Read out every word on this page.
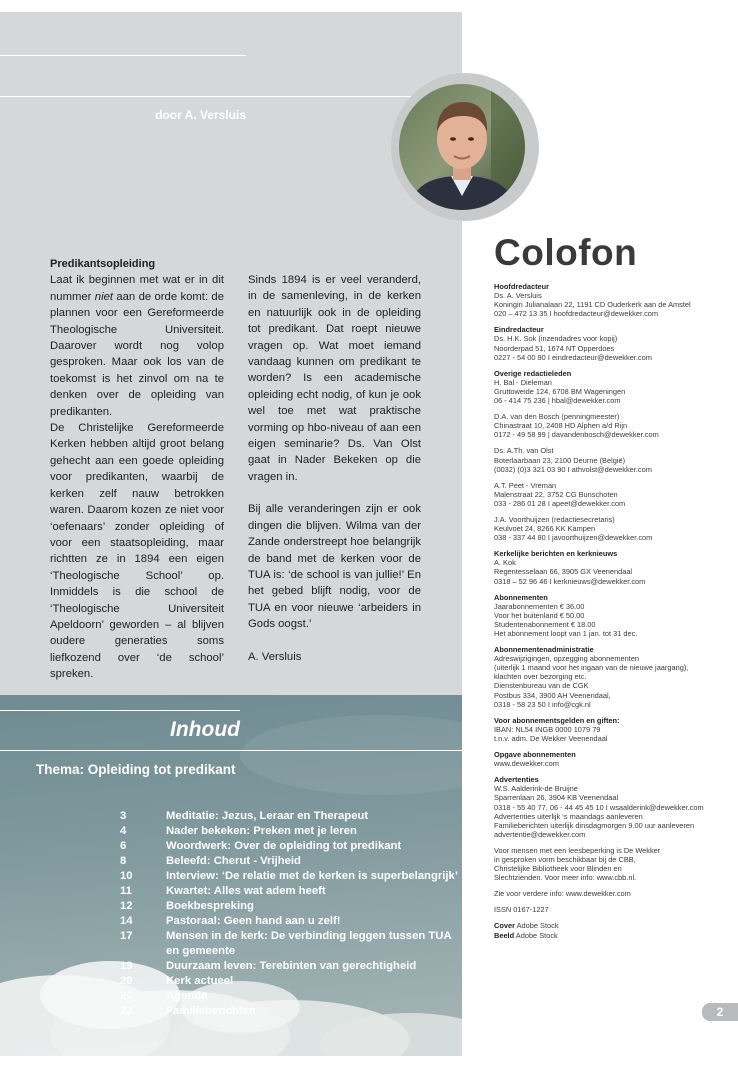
Aanzet
door A. Versluis
Predikantsopleiding

Laat ik beginnen met wat er in dit nummer niet aan de orde komt: de plannen voor een Gereformeerde Theologische Universiteit. Daarover wordt nog volop gesproken. Maar ook los van de toekomst is het zinvol om na te denken over de opleiding van predikanten.

De Christelijke Gereformeerde Kerken hebben altijd groot belang gehecht aan een goede opleiding voor predikanten, waarbij de kerken zelf nauw betrokken waren. Daarom kozen ze niet voor ‘oefenaars’ zonder opleiding of voor een staatsopleiding, maar richtten ze in 1894 een eigen ‘Theologische School’ op. Inmiddels is die school de ‘Theologische Universiteit Apeldoorn’ geworden – al blijven oudere generaties soms liefkozend over ‘de school’ spreken.

Sinds 1894 is er veel veranderd, in de samenleving, in de kerken en natuurlijk ook in de opleiding tot predikant. Dat roept nieuwe vragen op. Wat moet iemand vandaag kunnen om predikant te worden? Is een academische opleiding echt nodig, of kun je ook wel toe met wat praktische vorming op hbo-niveau of aan een eigen seminarie? Ds. Van Olst gaat in Nader Bekeken op die vragen in.

Bij alle veranderingen zijn er ook dingen die blijven. Wilma van der Zande onderstreept hoe belangrijk de band met de kerken voor de TUA is: ‘de school is van jullie!’ En het gebed blijft nodig, voor de TUA en voor nieuwe ‘arbeiders in Gods oogst.’

A. Versluis

Inhoud
Thema: Opleiding tot predikant
3	Meditatie: Jezus, Leraar en Therapeut
4	Nader bekeken: Preken met je leren
6	Woordwerk: Over de opleiding tot predikant
8	Beleefd: Cherut - Vrijheid
10	Interview: ‘De relatie met de kerken is superbelangrijk’
11	Kwartet: Alles wat adem heeft
12	Boekbespreking
14	Pastoraal: Geen hand aan u zelf!
17	Mensen in de kerk: De verbinding leggen tussen TUA en gemeente
19	Duurzaam leven: Terebinten van gerechtigheid
20	Kerk actueel
20	Agenda
22	Familieberichten
Colofon
Hoofdredacteur
Ds. A. Versluis
Koningin Julianalaan 22, 1191 CD Ouderkerk aan de Amstel
020 – 472 13 35 I hoofdredacteur@dewekker.com
Eindredacteur
Ds. H.K. Sok (inzendadres voor kopij)
Noorderpad 51, 1674 NT Opperdoes
0227 - 54 00 90 I eindredacteur@dewekker.com
Overige redactieleden
H. Bal - Dieleman
Gruttoweide 124, 6708 BM Wageningen
06 - 414 75 236 | hbal@dewekker.com
D.A. van den Bosch (penningmeester)
Chinastraat 10, 2408 HD Alphen a/d Rijn
0172 - 49 58 99 | davandenbosch@dewekker.com
Ds. A.Th. van Olst
Boterlaarbaan 23, 2100 Deurne (België)
(0032) (0)3 321 03 90 I athvolst@dewekker.com
A.T. Peet - Vreman
Malenstraat 22, 3752 CG Bunschoten
033 - 286 01 28 I apeet@dewekker.com
J.A. Voorthuijzen (redactiesecretaris)
Keulvoet 24, 8266 KK Kampen
038 - 337 44 80 I javoorthuijzen@dewekker.com
Kerkelijke berichten en kerknieuws
A. Kok
Regentesselaan 66, 3905 GX Veenendaal
0318 – 52 96 46 I kerknieuws@dewekker.com
Abonnementen
Jaarabonnementen € 36.00
Voor het buitenland € 50.00
Studentenabonnement € 18.00
Het abonnement loopt van 1 jan. tot 31 dec.
Abonnementenadministratie
Adreswijzigingen, opzegging abonnementen
(uiterlijk 1 maand voor het ingaan van de nieuwe jaargang),
klachten over bezorging etc.
Dienstenbureau van de CGK
Postbus 334, 3900 AH Veenendaal,
0318 - 58 23 50 I info@cgk.nl
Voor abonnementsgelden en giften:
IBAN: NL54 INGB 0000 1079 79
t.n.v. adm. De Wekker Veenendaal
Opgave abonnementen
www.dewekker.com
Advertenties
W.S. Aalderink-de Bruijne
Sparrenlaan 26, 3904 KB Veenendaal
0318 - 55 40 77, 06 - 44 45 45 10 I wsaalderink@dewekker.com
Advertenties uiterlijk ‘s maandags aanleveren
Familieberichten uiterlijk dinsdagmorgen 9.00 uur aanleveren
advertentie@dewekker.com
Voor mensen met een leesbeperking is De Wekker
in gesproken vorm beschikbaar bij de CBB,
Christelijke Bibliotheek voor Blinden en
Slechtzienden. Voor meer info: www.cbb.nl.
Zie voor verdere info: www.dewekker.com
ISSN 0167-1227
Cover Adobe Stock
Beeld Adobe Stock
2
